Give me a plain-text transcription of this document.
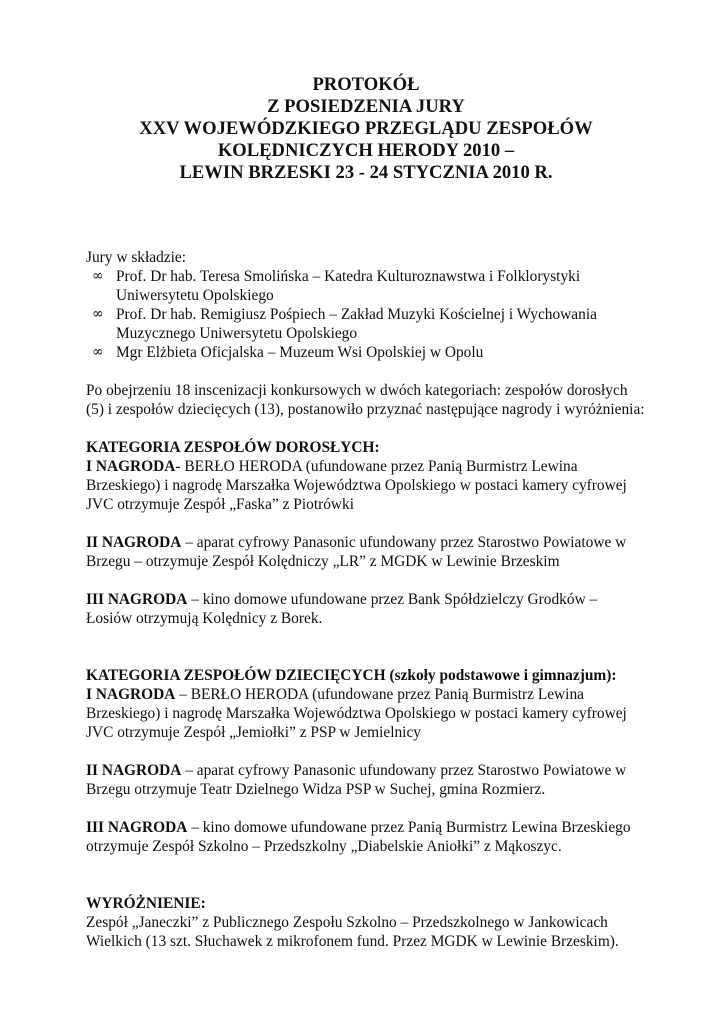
PROTOKÓŁ
Z POSIEDZENIA JURY
XXV WOJEWÓDZKIEGO PRZEGLĄDU ZESPOŁÓW
KOLĘDNICZYCH HERODY 2010 –
LEWIN BRZESKI 23 - 24 STYCZNIA 2010 R.

Jury w składzie:

∞ Prof. Dr hab. Teresa Smolińska – Katedra Kulturoznawstwa i Folklorystyki Uniwersytetu Opolskiego
∞ Prof. Dr hab. Remigiusz Pośpiech – Zakład Muzyki Kościelnej i Wychowania Muzycznego Uniwersytetu Opolskiego
∞ Mgr Elżbieta Oficjalska – Muzeum Wsi Opolskiej w Opolu

Po obejrzeniu 18 inscenizacji konkursowych w dwóch kategoriach: zespołów dorosłych (5) i zespołów dziecięcych (13), postanowiło przyznać następujące nagrody i wyróżnienia:

KATEGORIA ZESPOŁÓW DOROSŁYCH:

I NAGRODA- BERŁO HERODA (ufundowane przez Panią Burmistrz Lewina Brzeskiego) i nagrodę Marszałka Województwa Opolskiego w postaci kamery cyfrowej JVC otrzymuje Zespół „Faska” z Piotrówki

II NAGRODA – aparat cyfrowy Panasonic ufundowany przez Starostwo Powiatowe w Brzegu – otrzymuje Zespół Kolędniczy „LR” z MGDK w Lewinie Brzeskim

III NAGRODA – kino domowe ufundowane przez Bank Spółdzielczy Grodków – Łosiów otrzymują Kolędnicy z Borek.

KATEGORIA ZESPOŁÓW DZIECIĘCYCH (szkoły podstawowe i gimnazjum):

I NAGRODA – BERŁO HERODA (ufundowane przez Panią Burmistrz Lewina Brzeskiego) i nagrodę Marszałka Województwa Opolskiego w postaci kamery cyfrowej JVC otrzymuje Zespół „Jemiołki” z PSP w Jemielnicy

II NAGRODA – aparat cyfrowy Panasonic ufundowany przez Starostwo Powiatowe w Brzegu otrzymuje Teatr Dzielnego Widza PSP w Suchej, gmina Rozmierz.

III NAGRODA – kino domowe ufundowane przez Panią Burmistrz Lewina Brzeskiego otrzymuje Zespół Szkolno – Przedszkolny „Diabelskie Aniołki” z Mąkoszyc.

WYRÓŻNIENIE:

Zespół „Janeczki” z Publicznego Zespołu Szkolno – Przedszkolnego w Jankowicach Wielkich (13 szt. Słuchawek z mikrofonem fund. Przez MGDK w Lewinie Brzeskim).
